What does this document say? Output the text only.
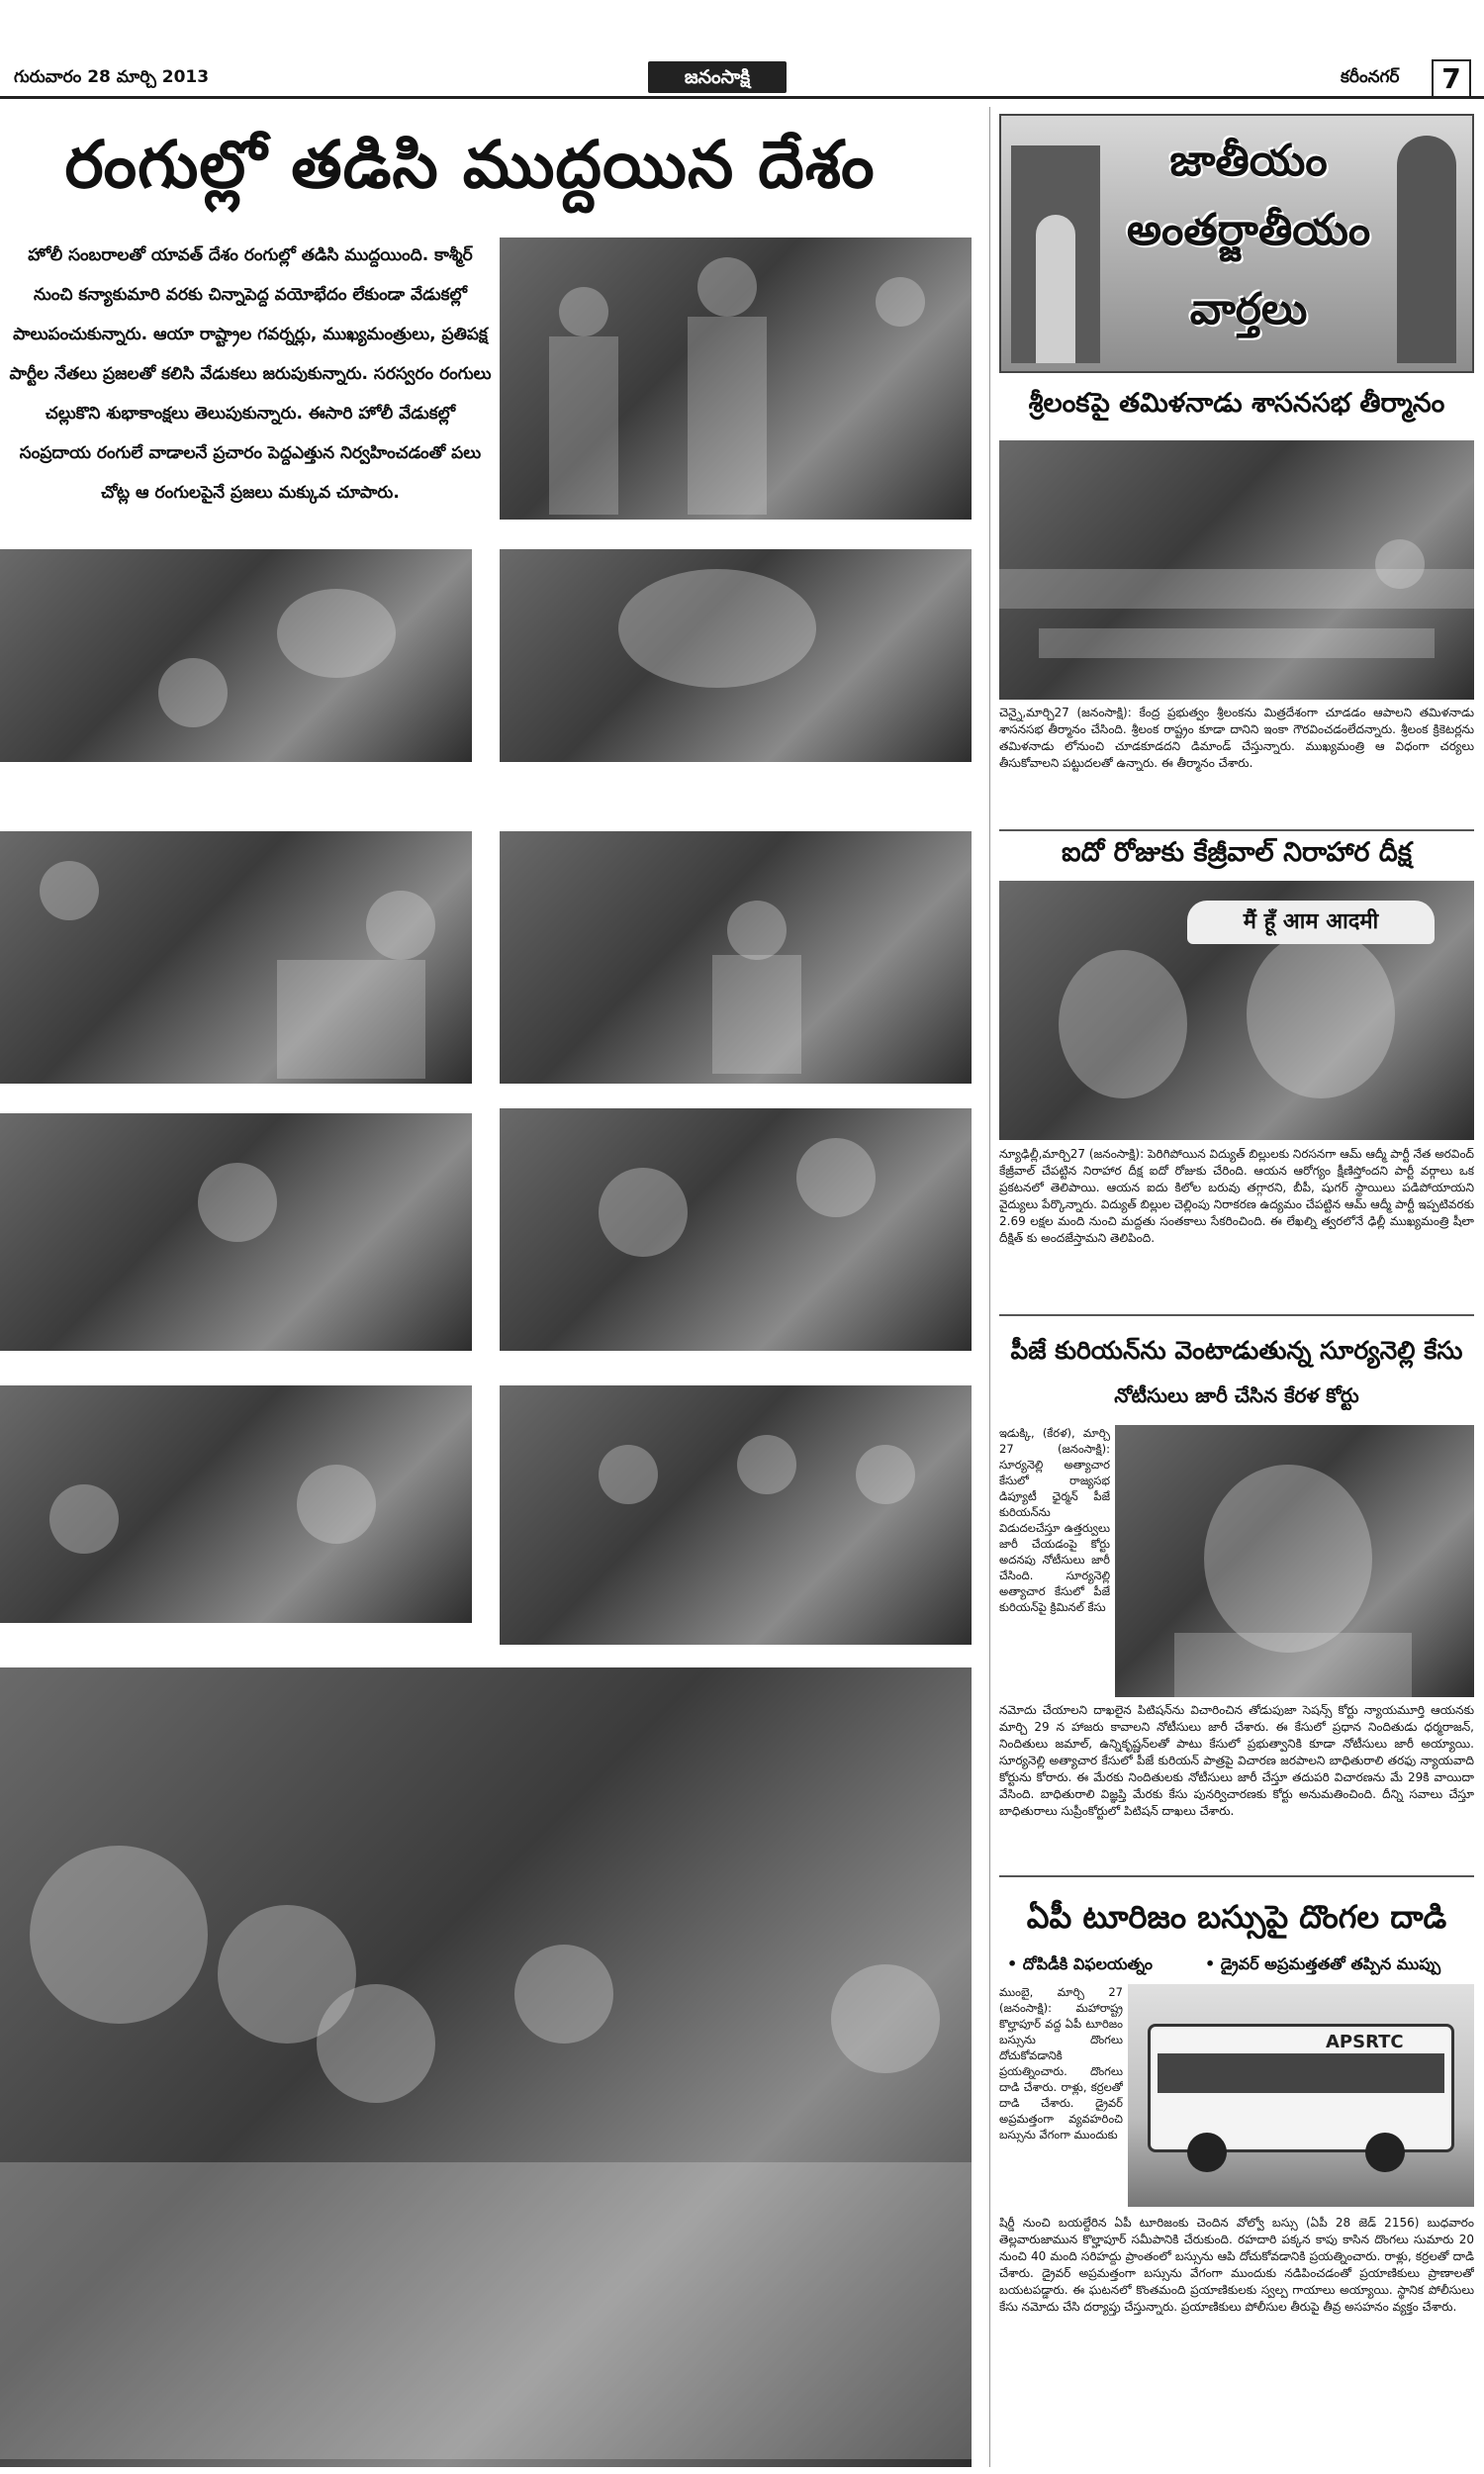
గురువారం 28 మార్చి 2013	జనంసాక్షి	కరీంనగర్	7
రంగుల్లో తడిసి ముద్దయిన దేశం
హోలీ సంబరాలతో యావత్ దేశం రంగుల్లో తడిసి ముద్దయింది. కాశ్మీర్ నుంచి కన్యాకుమారి వరకు చిన్నాపెద్ద వయోభేదం లేకుండా వేడుకల్లో పాలుపంచుకున్నారు. ఆయా రాష్ట్రాల గవర్నర్లు, ముఖ్యమంత్రులు, ప్రతిపక్ష పార్టీల నేతలు ప్రజలతో కలిసి వేడుకలు జరుపుకున్నారు. సరస్వరం రంగులు చల్లుకొని శుభాకాంక్షలు తెలుపుకున్నారు. ఈసారి హోలీ వేడుకల్లో సంప్రదాయ రంగులే వాడాలనే ప్రచారం పెద్దఎత్తున నిర్వహించడంతో పలు చోట్ల ఆ రంగులపైనే ప్రజలు మక్కువ చూపారు.
జాతీయం
అంతర్జాతీయం
వార్తలు
శ్రీలంకపై తమిళనాడు శాసనసభ తీర్మానం
చెన్నై,మార్చి27 (జనంసాక్షి): కేంద్ర ప్రభుత్వం శ్రీలంకను మిత్రదేశంగా చూడడం ఆపాలని తమిళనాడు శాసనసభ తీర్మానం చేసింది. శ్రీలంక రాష్ట్రం కూడా దానిని ఇంకా గౌరవించడంలేదన్నారు. శ్రీలంక క్రికెటర్లను తమిళనాడు లోనుంచి చూడకూడదని డిమాండ్ చేస్తున్నారు. ముఖ్యమంత్రి ఆ విధంగా చర్యలు తీసుకోవాలని పట్టుదలతో ఉన్నారు. ఈ తీర్మానం చేశారు.
ఐదో రోజుకు కేజ్రీవాల్ నిరాహార దీక్ష
मैं हूँ आम आदमी
న్యూఢిల్లీ,మార్చి27 (జనంసాక్షి): పెరిగిపోయిన విద్యుత్ బిల్లులకు నిరసనగా ఆమ్ ఆద్మీ పార్టీ నేత అరవింద్ కేజ్రీవాల్ చేపట్టిన నిరాహార దీక్ష ఐదో రోజుకు చేరింది. ఆయన ఆరోగ్యం క్షీణిస్తోందని పార్టీ వర్గాలు ఒక ప్రకటనలో తెలిపాయి. ఆయన ఐదు కిలోల బరువు తగ్గారని, బీపీ, షుగర్ స్థాయిలు పడిపోయాయని వైద్యులు పేర్కొన్నారు. విద్యుత్ బిల్లుల చెల్లింపు నిరాకరణ ఉద్యమం చేపట్టిన ఆమ్ ఆద్మీ పార్టీ ఇప్పటివరకు 2.69 లక్షల మంది నుంచి మద్దతు సంతకాలు సేకరించింది. ఈ లేఖల్ని త్వరలోనే ఢిల్లీ ముఖ్యమంత్రి షీలా దీక్షిత్ కు అందజేస్తామని తెలిపింది.
పీజే కురియన్‌ను వెంటాడుతున్న సూర్యనెల్లి కేసు
నోటీసులు జారీ చేసిన కేరళ కోర్టు
ఇడుక్కి, (కేరళ), మార్చి 27 (జనంసాక్షి): సూర్యనెల్లి అత్యాచార కేసులో రాజ్యసభ డిప్యూటీ ఛైర్మన్ పీజే కురియన్‌ను విడుదలచేస్తూ ఉత్తర్వులు జారీ చేయడంపై కోర్టు అదనపు నోటీసులు జారీ చేసింది. సూర్యనెల్లి అత్యాచార కేసులో పీజే కురియన్‌పై క్రిమినల్ కేసు
నమోదు చేయాలని దాఖలైన పిటిషన్‌ను విచారించిన తోడుపుజా సెషన్స్ కోర్టు న్యాయమూర్తి ఆయనకు మార్చి 29 న హాజరు కావాలని నోటీసులు జారీ చేశారు. ఈ కేసులో ప్రధాన నిందితుడు ధర్మరాజన్, నిందితులు జమాల్, ఉన్నికృష్ణన్‌లతో పాటు కేసులో ప్రభుత్వానికి కూడా నోటీసులు జారీ అయ్యాయి. సూర్యనెల్లి అత్యాచార కేసులో పీజే కురియన్ పాత్రపై విచారణ జరపాలని బాధితురాలి తరఫు న్యాయవాది కోర్టును కోరారు. ఈ మేరకు నిందితులకు నోటీసులు జారీ చేస్తూ తదుపరి విచారణను మే 29కి వాయిదా వేసింది. బాధితురాలి విజ్ఞప్తి మేరకు కేసు పునర్విచారణకు కోర్టు అనుమతించింది. దీన్ని సవాలు చేస్తూ బాధితురాలు సుప్రీంకోర్టులో పిటిషన్ దాఖలు చేశారు.
ఏపీ టూరిజం బస్సుపై దొంగల దాడి
• దోపిడీకి విఫలయత్నం	• డ్రైవర్ అప్రమత్తతతో తప్పిన ముప్పు
ముంబై, మార్చి 27 (జనంసాక్షి): మహారాష్ట్ర కొల్హాపూర్ వద్ద ఏపీ టూరిజం బస్సును దొంగలు దోచుకోవడానికి ప్రయత్నించారు. దొంగలు దాడి చేశారు. రాళ్లు, కర్రలతో దాడి చేశారు. డ్రైవర్ అప్రమత్తంగా వ్యవహరించి బస్సును వేగంగా ముందుకు
APSRTC
షిర్డీ నుంచి బయల్దేరిన ఏపీ టూరిజంకు చెందిన వోల్వో బస్సు (ఏపీ 28 జెడ్ 2156) బుధవారం తెల్లవారుజామున కొల్హాపూర్ సమీపానికి చేరుకుంది. రహదారి పక్కన కాపు కాసిన దొంగలు సుమారు 20 నుంచి 40 మంది సరిహద్దు ప్రాంతంలో బస్సును ఆపి దోచుకోవడానికి ప్రయత్నించారు. రాళ్లు, కర్రలతో దాడి చేశారు. డ్రైవర్ అప్రమత్తంగా బస్సును వేగంగా ముందుకు నడిపించడంతో ప్రయాణికులు ప్రాణాలతో బయటపడ్డారు. ఈ ఘటనలో కొంతమంది ప్రయాణికులకు స్వల్ప గాయాలు అయ్యాయి. స్థానిక పోలీసులు కేసు నమోదు చేసి దర్యాప్తు చేస్తున్నారు. ప్రయాణికులు పోలీసుల తీరుపై తీవ్ర అసహనం వ్యక్తం చేశారు.
